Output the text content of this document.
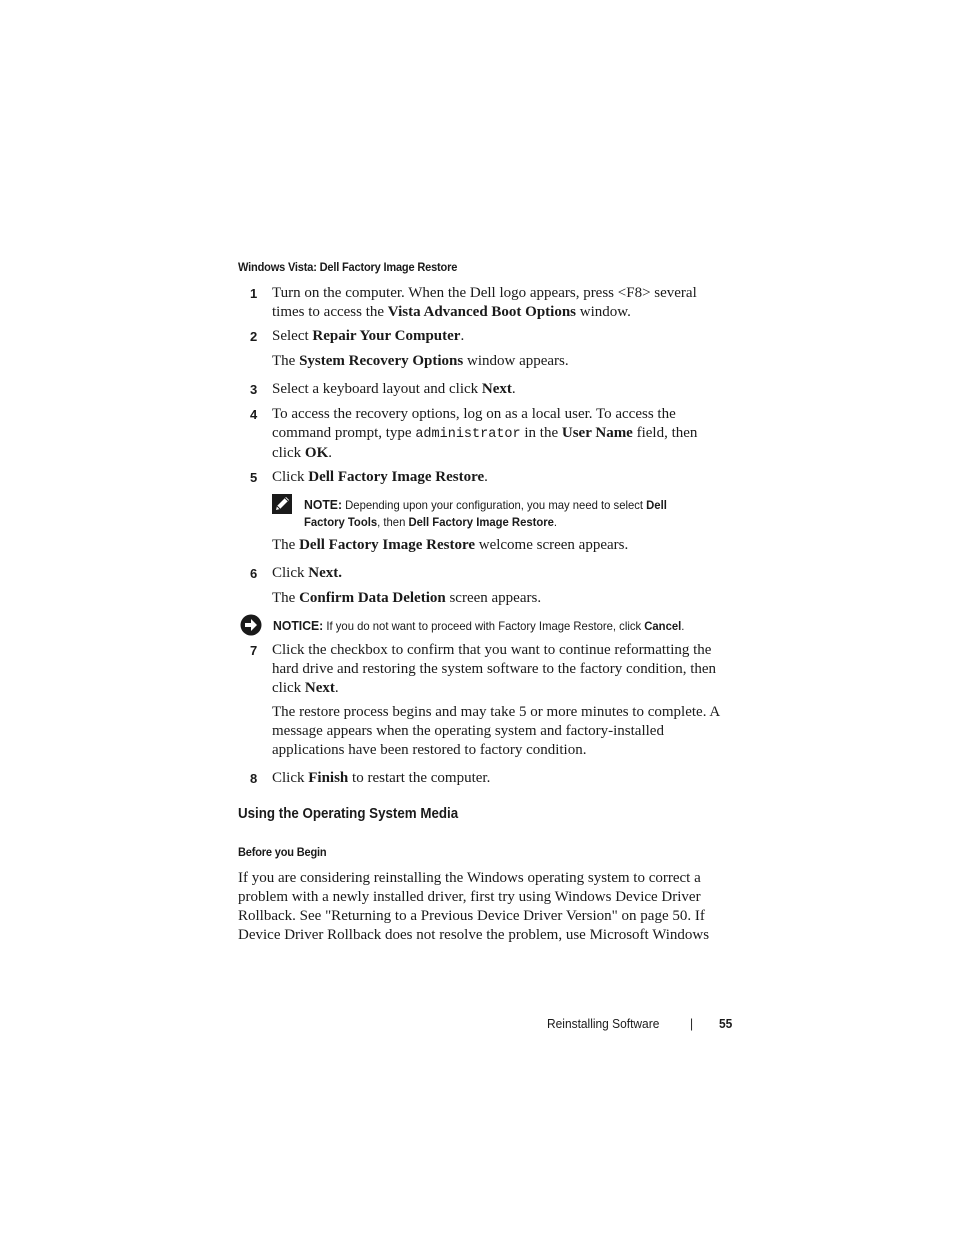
Windows Vista: Dell Factory Image Restore
1 Turn on the computer. When the Dell logo appears, press <F8> several
times to access the Vista Advanced Boot Options window.
2 Select Repair Your Computer.
The System Recovery Options window appears.
3 Select a keyboard layout and click Next.
4 To access the recovery options, log on as a local user. To access the
command prompt, type administrator in the User Name field, then
click OK.
5 Click Dell Factory Image Restore.
NOTE: Depending upon your configuration, you may need to select Dell
Factory Tools, then Dell Factory Image Restore.
The Dell Factory Image Restore welcome screen appears.
6 Click Next.
The Confirm Data Deletion screen appears.
NOTICE: If you do not want to proceed with Factory Image Restore, click Cancel.
7 Click the checkbox to confirm that you want to continue reformatting the
hard drive and restoring the system software to the factory condition, then
click Next.
The restore process begins and may take 5 or more minutes to complete. A
message appears when the operating system and factory-installed
applications have been restored to factory condition.
8 Click Finish to restart the computer.
Using the Operating System Media
Before you Begin
If you are considering reinstalling the Windows operating system to correct a
problem with a newly installed driver, first try using Windows Device Driver
Rollback. See "Returning to a Previous Device Driver Version" on page 50. If
Device Driver Rollback does not resolve the problem, use Microsoft Windows
Reinstalling Software | 55
